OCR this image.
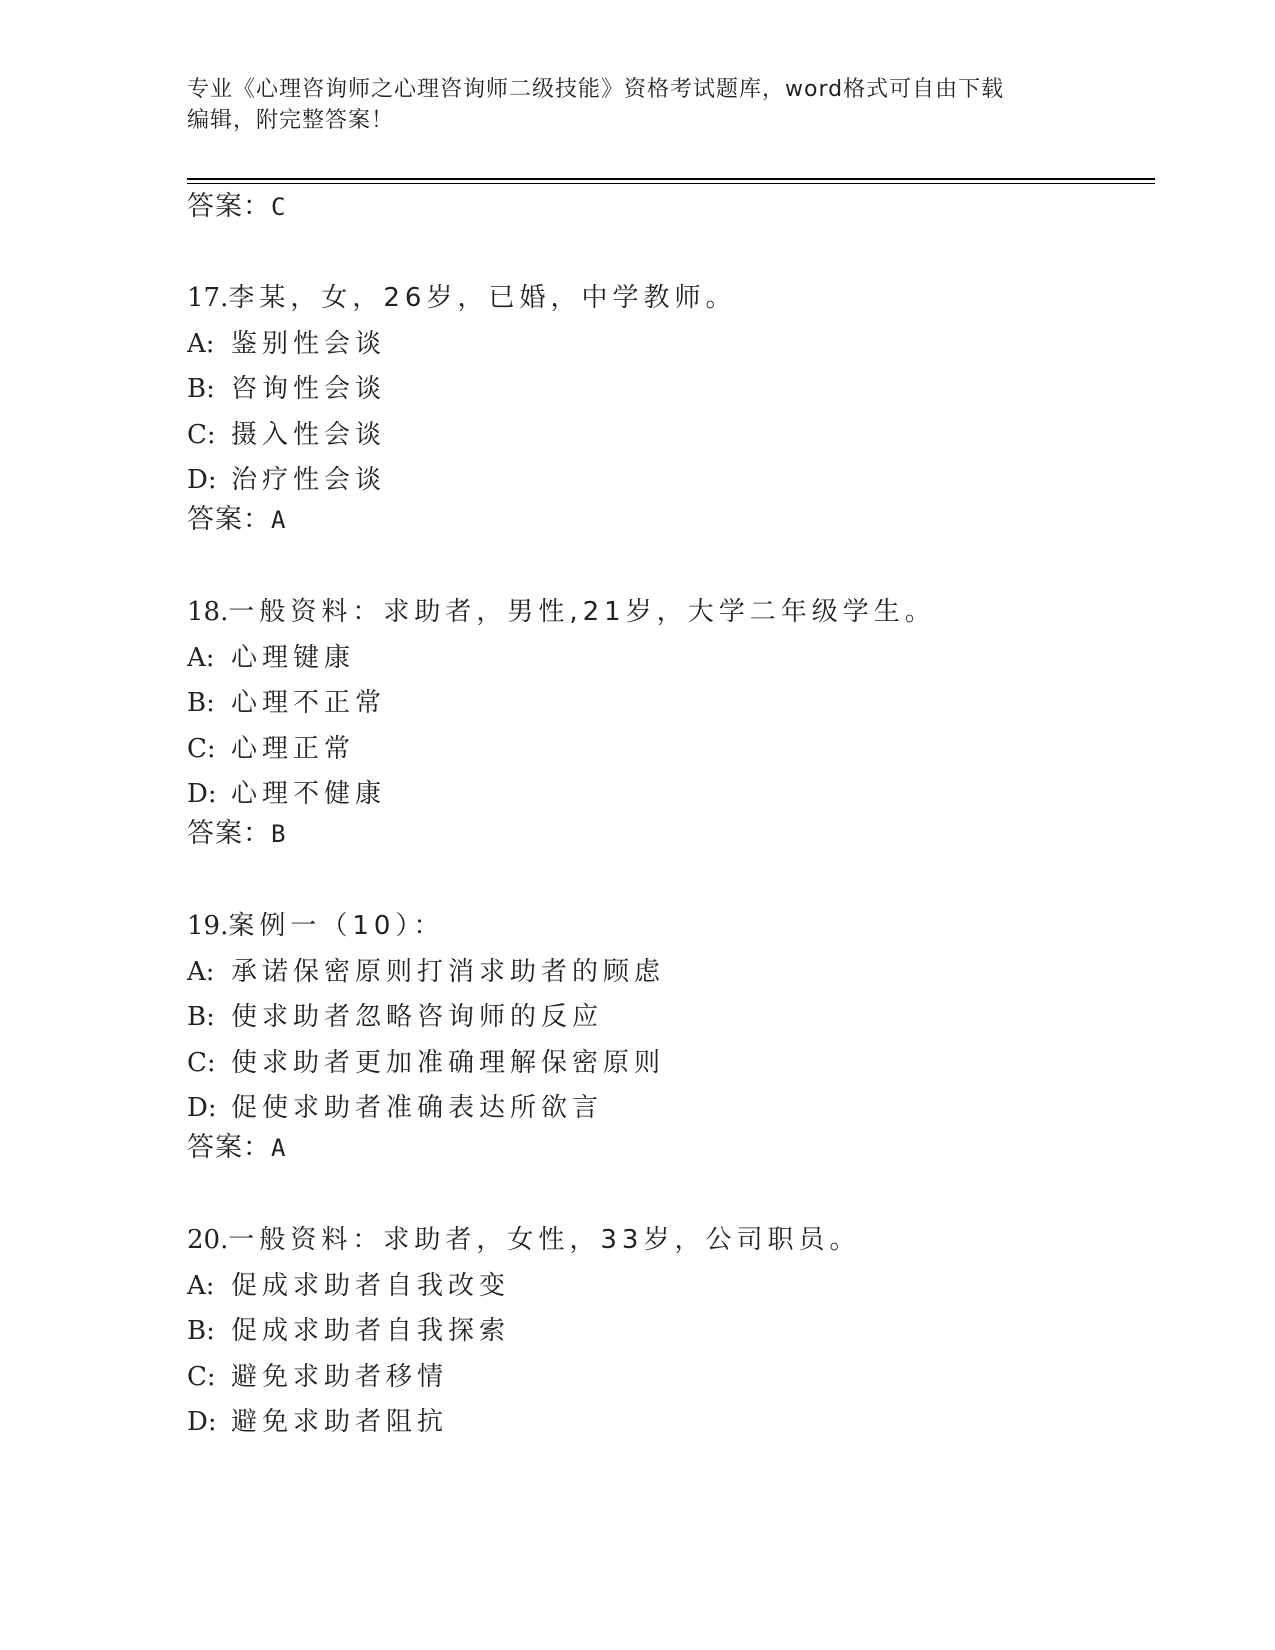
专业《心理咨询师之心理咨询师二级技能》资格考试题库，word格式可自由下载
编辑，附完整答案！
答案：C
17.李某，女，26岁，已婚，中学教师。
A: 鉴别性会谈
B: 咨询性会谈
C: 摄入性会谈
D: 治疗性会谈
答案：A
18.一般资料：求助者，男性,21岁，大学二年级学生。
A: 心理键康
B: 心理不正常
C: 心理正常
D: 心理不健康
答案：B
19.案例一（10）：
A: 承诺保密原则打消求助者的顾虑
B: 使求助者忽略咨询师的反应
C: 使求助者更加准确理解保密原则
D: 促使求助者准确表达所欲言
答案：A
20.一般资料：求助者，女性，33岁，公司职员。
A: 促成求助者自我改变
B: 促成求助者自我探索
C: 避免求助者移情
D: 避免求助者阻抗
